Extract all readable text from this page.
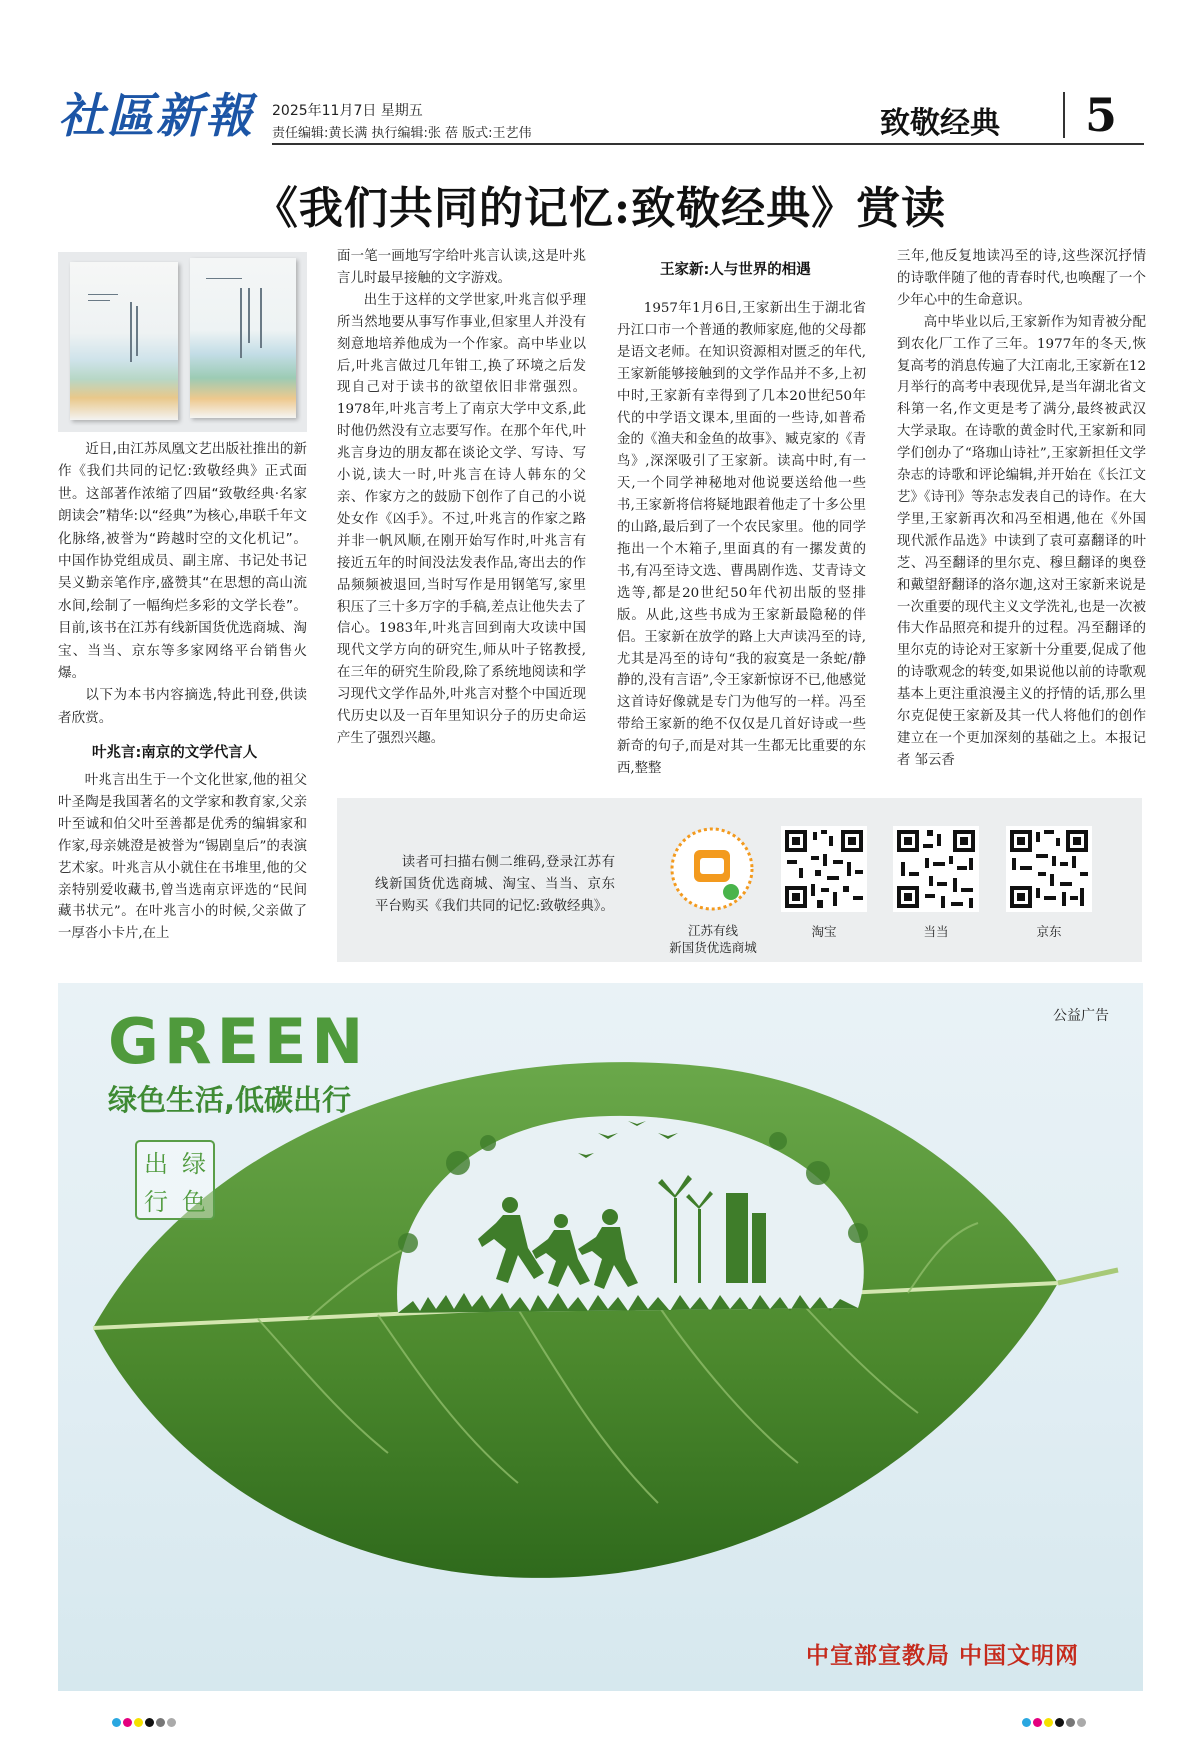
社區新報	2025年11月7日 星期五
责任编辑:黄长满 执行编辑:张 蓓 版式:王艺伟	致敬经典 5
《我们共同的记忆:致敬经典》赏读

近日,由江苏凤凰文艺出版社推出的新作《我们共同的记忆:致敬经典》正式面世。这部著作浓缩了四届“致敬经典·名家朗读会”精华:以“经典”为核心,串联千年文化脉络,被誉为“跨越时空的文化机记”。中国作协党组成员、副主席、书记处书记吴义勤亲笔作序,盛赞其“在思想的高山流水间,绘制了一幅绚烂多彩的文学长卷”。目前,该书在江苏有线新国货优选商城、淘宝、当当、京东等多家网络平台销售火爆。

以下为本书内容摘选,特此刊登,供读者欣赏。

叶兆言:南京的文学代言人

叶兆言出生于一个文化世家,他的祖父叶圣陶是我国著名的文学家和教育家,父亲叶至诚和伯父叶至善都是优秀的编辑家和作家,母亲姚澄是被誉为“锡剧皇后”的表演艺术家。叶兆言从小就住在书堆里,他的父亲特别爱收藏书,曾当选南京评选的“民间藏书状元”。在叶兆言小的时候,父亲做了一厚沓小卡片,在上

面一笔一画地写字给叶兆言认读,这是叶兆言儿时最早接触的文字游戏。

出生于这样的文学世家,叶兆言似乎理所当然地要从事写作事业,但家里人并没有刻意地培养他成为一个作家。高中毕业以后,叶兆言做过几年钳工,换了环境之后发现自己对于读书的欲望依旧非常强烈。1978年,叶兆言考上了南京大学中文系,此时他仍然没有立志要写作。在那个年代,叶兆言身边的朋友都在谈论文学、写诗、写小说,读大一时,叶兆言在诗人韩东的父亲、作家方之的鼓励下创作了自己的小说处女作《凶手》。不过,叶兆言的作家之路并非一帆风顺,在刚开始写作时,叶兆言有接近五年的时间没法发表作品,寄出去的作品频频被退回,当时写作是用钢笔写,家里积压了三十多万字的手稿,差点让他失去了信心。1983年,叶兆言回到南大攻读中国现代文学方向的研究生,师从叶子铭教授,在三年的研究生阶段,除了系统地阅读和学习现代文学作品外,叶兆言对整个中国近现代历史以及一百年里知识分子的历史命运产生了强烈兴趣。

王家新:人与世界的相遇

1957年1月6日,王家新出生于湖北省丹江口市一个普通的教师家庭,他的父母都是语文老师。在知识资源相对匮乏的年代,王家新能够接触到的文学作品并不多,上初中时,王家新有幸得到了几本20世纪50年代的中学语文课本,里面的一些诗,如普希金的《渔夫和金鱼的故事》、臧克家的《青鸟》,深深吸引了王家新。读高中时,有一天,一个同学神秘地对他说要送给他一些书,王家新将信将疑地跟着他走了十多公里的山路,最后到了一个农民家里。他的同学拖出一个木箱子,里面真的有一摞发黄的书,有冯至诗文选、曹禺剧作选、艾青诗文选等,都是20世纪50年代初出版的竖排版。从此,这些书成为王家新最隐秘的伴侣。王家新在放学的路上大声读冯至的诗,尤其是冯至的诗句“我的寂寞是一条蛇/静静的,没有言语”,令王家新惊讶不已,他感觉这首诗好像就是专门为他写的一样。冯至带给王家新的绝不仅仅是几首好诗或一些新奇的句子,而是对其一生都无比重要的东西,整整

三年,他反复地读冯至的诗,这些深沉抒情的诗歌伴随了他的青春时代,也唤醒了一个少年心中的生命意识。

高中毕业以后,王家新作为知青被分配到农化厂工作了三年。1977年的冬天,恢复高考的消息传遍了大江南北,王家新在12月举行的高考中表现优异,是当年湖北省文科第一名,作文更是考了满分,最终被武汉大学录取。在诗歌的黄金时代,王家新和同学们创办了“珞珈山诗社”,王家新担任文学杂志的诗歌和评论编辑,并开始在《长江文艺》《诗刊》等杂志发表自己的诗作。在大学里,王家新再次和冯至相遇,他在《外国现代派作品选》中读到了袁可嘉翻译的叶芝、冯至翻译的里尔克、穆旦翻译的奥登和戴望舒翻译的洛尔迦,这对王家新来说是一次重要的现代主义文学洗礼,也是一次被伟大作品照亮和提升的过程。冯至翻译的里尔克的诗论对王家新十分重要,促成了他的诗歌观念的转变,如果说他以前的诗歌观基本上更注重浪漫主义的抒情的话,那么里尔克促使王家新及其一代人将他们的创作建立在一个更加深刻的基础之上。本报记者 邹云香

读者可扫描右侧二维码,登录江苏有线新国货优选商城、淘宝、当当、京东平台购买《我们共同的记忆:致敬经典》。

江苏有线
新国货优选商城
淘宝	当当	京东
公益广告
GREEN
绿色生活,低碳出行
出 绿
行 色
中宣部宣教局 中国文明网
